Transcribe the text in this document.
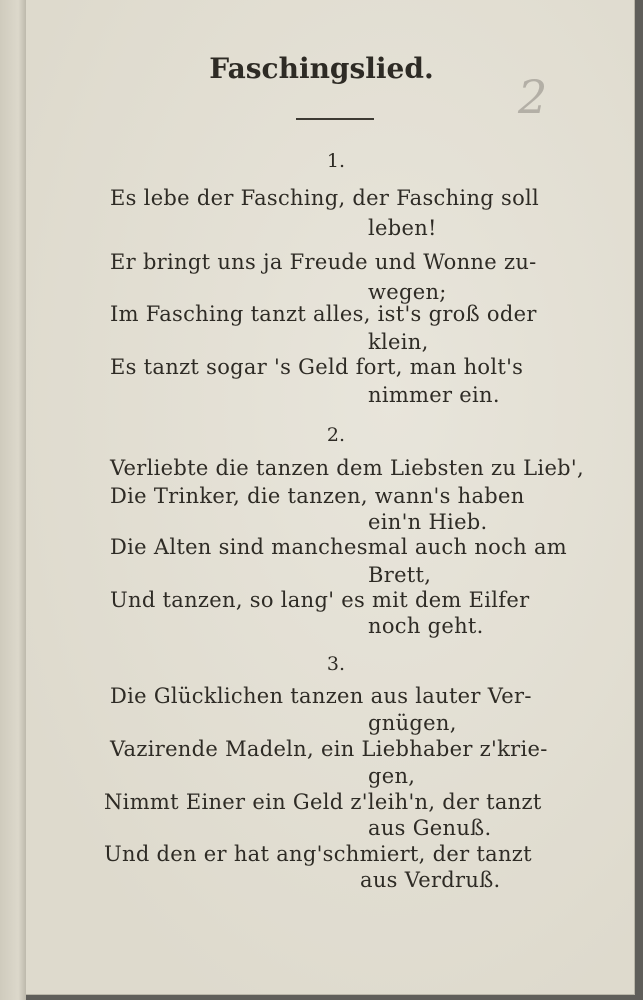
2
Faschingslied.
1.
Es lebe der Fasching, der Fasching soll
leben!
Er bringt uns ja Freude und Wonne zu-
wegen;
Im Fasching tanzt alles, ist's groß oder
klein,
Es tanzt sogar 's Geld fort, man holt's
nimmer ein.
2.
Verliebte die tanzen dem Liebsten zu Lieb',
Die Trinker, die tanzen, wann's haben
ein'n Hieb.
Die Alten sind manchesmal auch noch am
Brett,
Und tanzen, so lang' es mit dem Eilfer
noch geht.
3.
Die Glücklichen tanzen aus lauter Ver-
gnügen,
Vazirende Madeln, ein Liebhaber z'krie-
gen,
Nimmt Einer ein Geld z'leih'n, der tanzt
aus Genuß.
Und den er hat ang'schmiert, der tanzt
aus Verdruß.
